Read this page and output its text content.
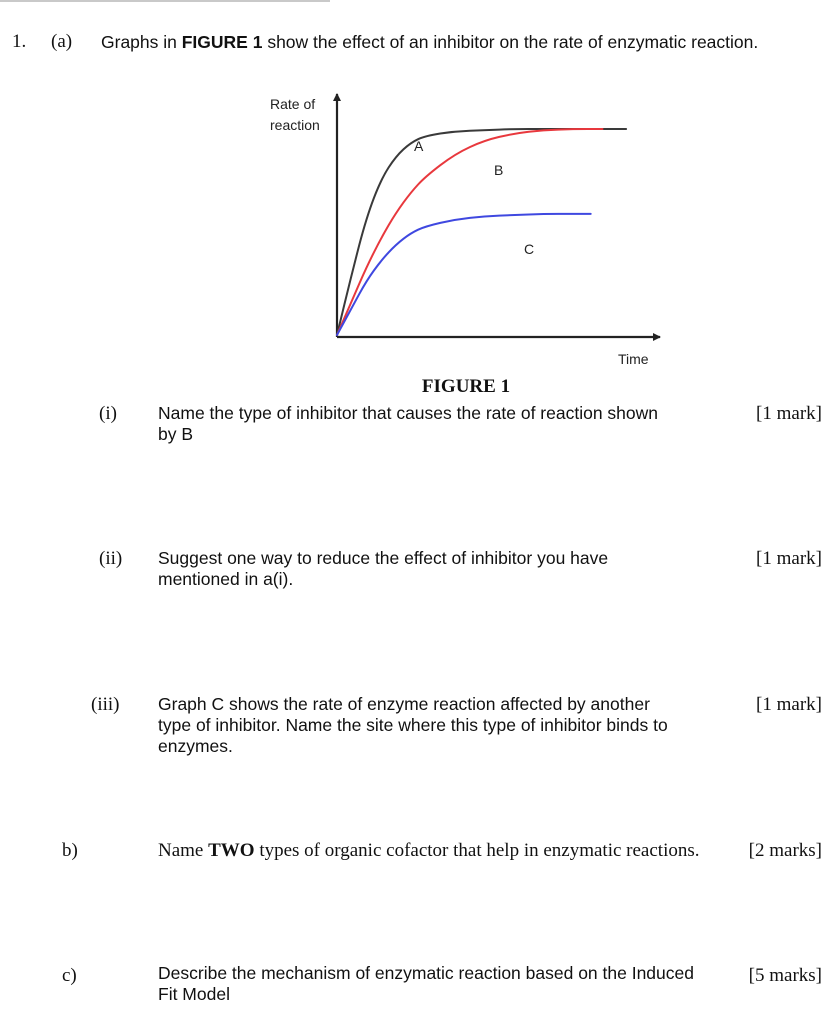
1. (a) Graphs in FIGURE 1 show the effect of an inhibitor on the rate of enzymatic reaction.
Rate of
reaction
Time
A
B
C
FIGURE 1
(i) Name the type of inhibitor that causes the rate of reaction shown by B
[1 mark]
(ii) Suggest one way to reduce the effect of inhibitor you have mentioned in a(i).
[1 mark]
(iii) Graph C shows the rate of enzyme reaction affected by another type of inhibitor. Name the site where this type of inhibitor binds to enzymes.
[1 mark]
b)	Name TWO types of organic cofactor that help in enzymatic reactions.	[2 marks]
c)	Describe the mechanism of enzymatic reaction based on the Induced Fit Model
[5 marks]
